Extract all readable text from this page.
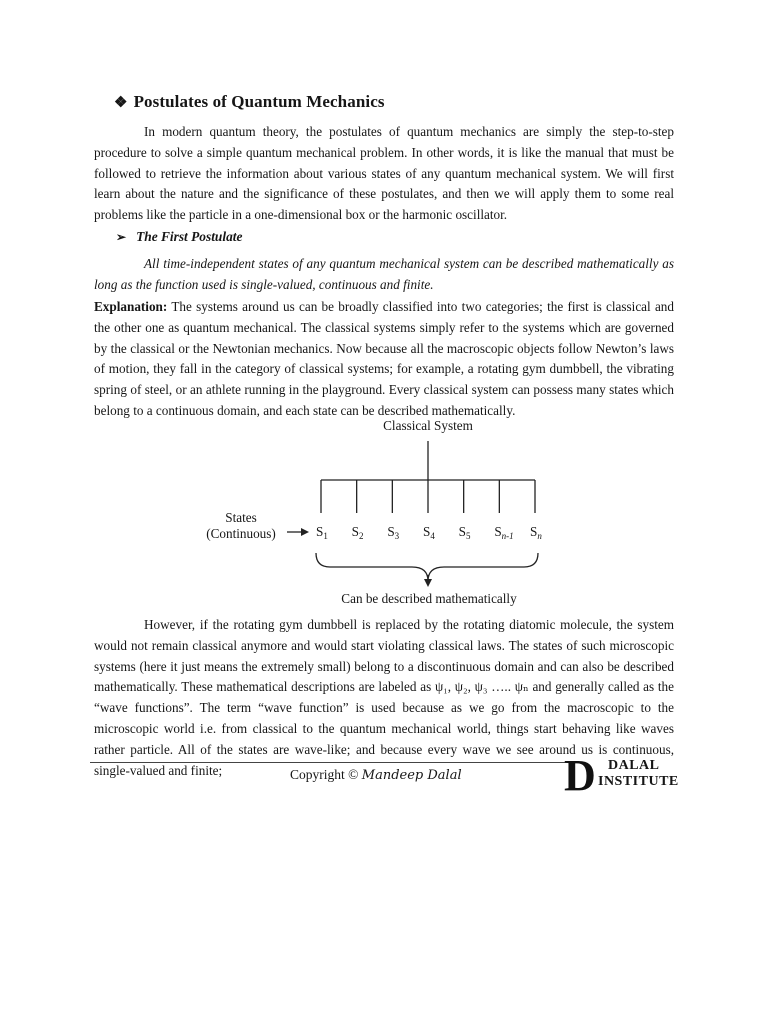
❖ Postulates of Quantum Mechanics

In modern quantum theory, the postulates of quantum mechanics are simply the step-to-step procedure to solve a simple quantum mechanical problem. In other words, it is like the manual that must be followed to retrieve the information about various states of any quantum mechanical system. We will first learn about the nature and the significance of these postulates, and then we will apply them to some real problems like the particle in a one-dimensional box or the harmonic oscillator.

➢ The First Postulate

All time-independent states of any quantum mechanical system can be described mathematically as long as the function used is single-valued, continuous and finite.

Explanation: The systems around us can be broadly classified into two categories; the first is classical and the other one as quantum mechanical. The classical systems simply refer to the systems which are governed by the classical or the Newtonian mechanics. Now because all the macroscopic objects follow Newton’s laws of motion, they fall in the category of classical systems; for example, a rotating gym dumbbell, the vibrating spring of steel, or an athlete running in the playground. Every classical system can possess many states which belong to a continuous domain, and each state can be described mathematically.

Classical System
$S_1$ $S_2$ $S_3$ $S_4$ $S_5$ $S_{n-1}$ $S_n$
States
(Continuous)
Can be described mathematically

However, if the rotating gym dumbbell is replaced by the rotating diatomic molecule, the system would not remain classical anymore and would start violating classical laws. The states of such microscopic systems (here it just means the extremely small) belong to a discontinuous domain and can also be described mathematically. These mathematical descriptions are labeled as ψ₁, ψ₂, ψ₃ ….. ψₙ and generally called as the “wave functions”. The term “wave function” is used because as we go from the macroscopic to the microscopic world i.e. from classical to the quantum mechanical world, things start behaving like waves rather particle. All of the states are wave-like; and because every wave we see around us is continuous, single-valued and finite;	Copyright © Mandeep Dalal D DALAL
INSTITUTE
